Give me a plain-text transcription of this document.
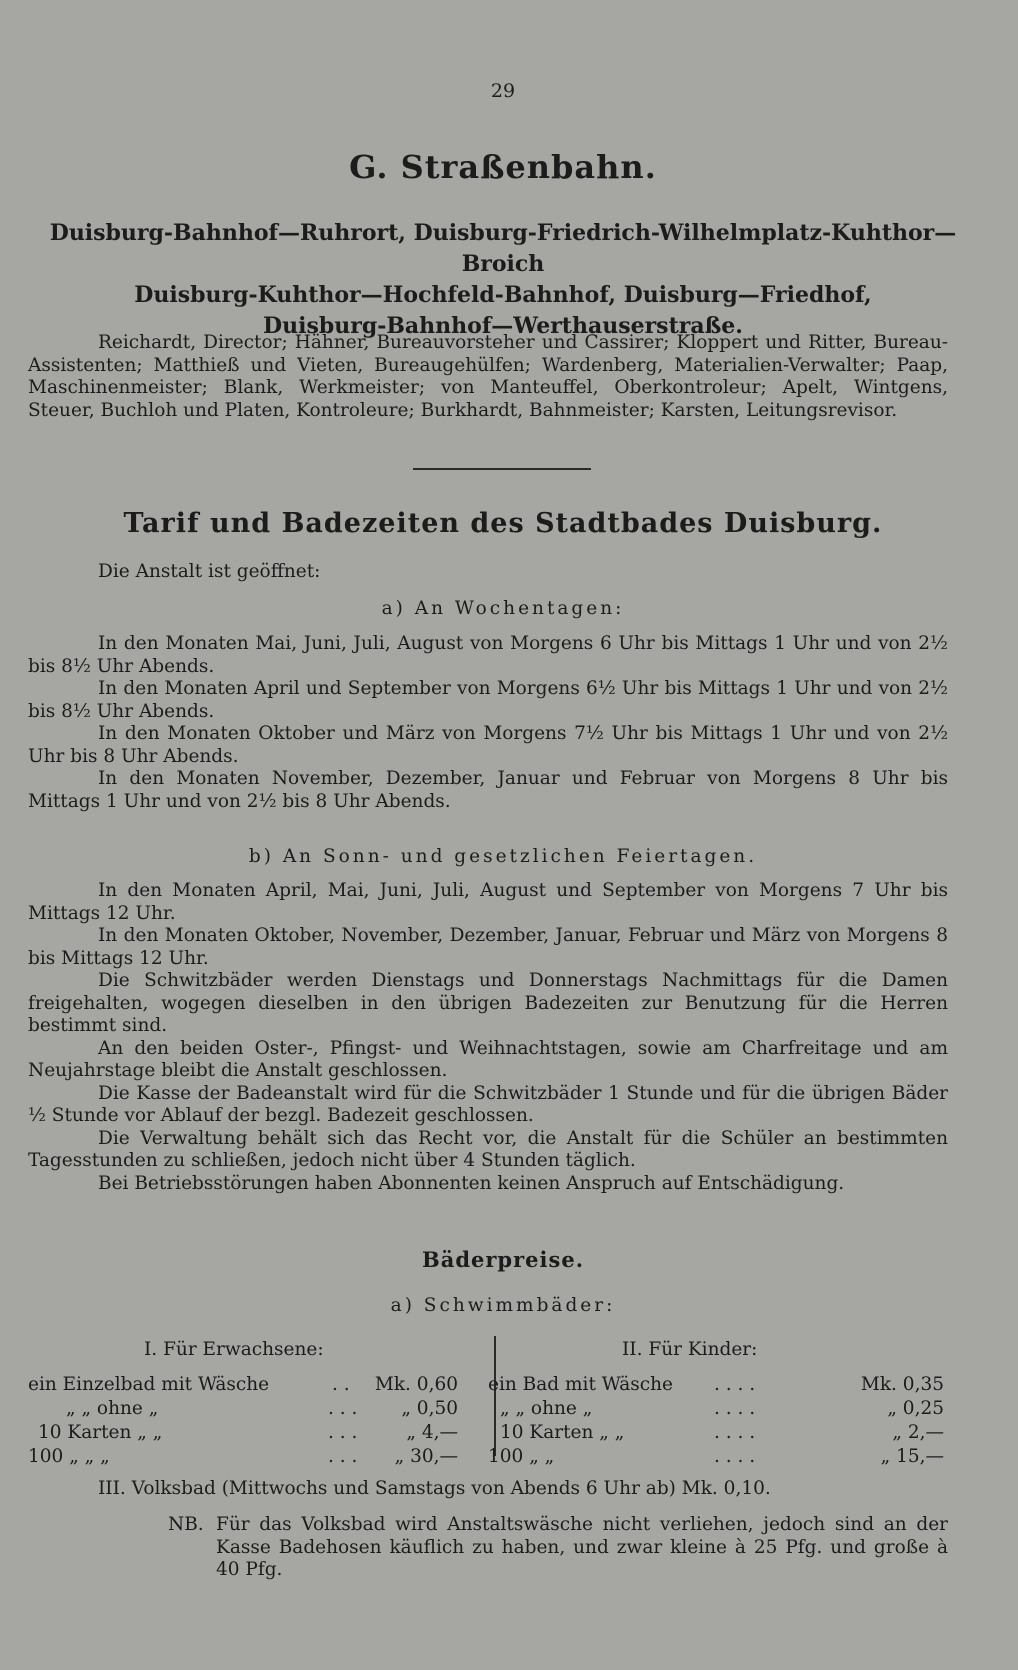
29
G. Straßenbahn.
Duisburg-Bahnhof—Ruhrort, Duisburg-Friedrich-Wilhelmplatz-Kuhthor—Broich
Duisburg-Kuhthor—Hochfeld-Bahnhof, Duisburg—Friedhof,
Duisburg-Bahnhof—Werthauserstraße.
Reichardt, Director; Hähner, Bureauvorsteher und Cassirer; Kloppert und Ritter, Bureau-Assistenten; Matthieß und Vieten, Bureaugehülfen; Wardenberg, Materialien-Verwalter; Paap, Maschinenmeister; Blank, Werkmeister; von Manteuffel, Oberkontroleur; Apelt, Wintgens, Steuer, Buchloh und Platen, Kontroleure; Burkhardt, Bahnmeister; Karsten, Leitungsrevisor.
Tarif und Badezeiten des Stadtbades Duisburg.
Die Anstalt ist geöffnet:
a) An Wochentagen:
In den Monaten Mai, Juni, Juli, August von Morgens 6 Uhr bis Mittags 1 Uhr und von 2½ bis 8½ Uhr Abends.
In den Monaten April und September von Morgens 6½ Uhr bis Mittags 1 Uhr und von 2½ bis 8½ Uhr Abends.
In den Monaten Oktober und März von Morgens 7½ Uhr bis Mittags 1 Uhr und von 2½ Uhr bis 8 Uhr Abends.
In den Monaten November, Dezember, Januar und Februar von Morgens 8 Uhr bis Mittags 1 Uhr und von 2½ bis 8 Uhr Abends.
b) An Sonn- und gesetzlichen Feiertagen.
In den Monaten April, Mai, Juni, Juli, August und September von Morgens 7 Uhr bis Mittags 12 Uhr.
In den Monaten Oktober, November, Dezember, Januar, Februar und März von Morgens 8 bis Mittags 12 Uhr.
Die Schwitzbäder werden Dienstags und Donnerstags Nachmittags für die Damen freigehalten, wogegen dieselben in den übrigen Badezeiten zur Benutzung für die Herren bestimmt sind.
An den beiden Oster-, Pfingst- und Weihnachtstagen, sowie am Charfreitage und am Neujahrstage bleibt die Anstalt geschlossen.
Die Kasse der Badeanstalt wird für die Schwitzbäder 1 Stunde und für die übrigen Bäder ½ Stunde vor Ablauf der bezgl. Badezeit geschlossen.
Die Verwaltung behält sich das Recht vor, die Anstalt für die Schüler an bestimmten Tagesstunden zu schließen, jedoch nicht über 4 Stunden täglich.
Bei Betriebsstörungen haben Abonnenten keinen Anspruch auf Entschädigung.
Bäderpreise.
a) Schwimmbäder:
I. Für Erwachsene:	II. Für Kinder:
ein Einzelbad mit Wäsche	. . Mk. 0,60
„ „ ohne „	. . . „ 0,50
10 Karten „ „	. . .	„ 4,—
100 „ „ „	. . . „ 30,—
ein Bad mit Wäsche . . . .	Mk. 0,35
„ „ ohne „	. . . .	„ 0,25
10 Karten „ „	. . . .	„ 2,—
100 „ „	. . . .	„ 15,—
III. Volksbad (Mittwochs und Samstags von Abends 6 Uhr ab) Mk. 0,10.
NB. Für das Volksbad wird Anstaltswäsche nicht verliehen, jedoch sind an der Kasse Badehosen käuflich zu haben, und zwar kleine à 25 Pfg. und große à 40 Pfg.
